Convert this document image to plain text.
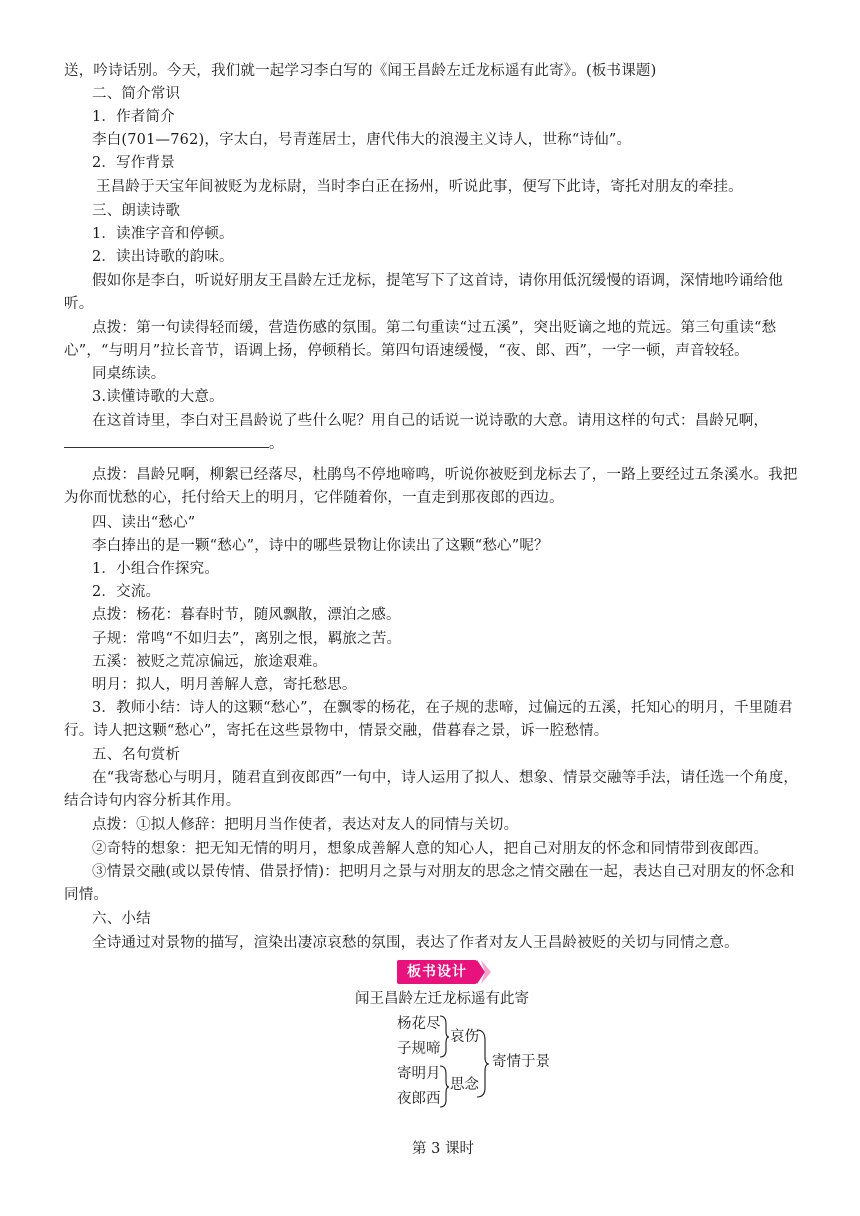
送，吟诗话别。今天，我们就一起学习李白写的《闻王昌龄左迁龙标遥有此寄》。(板书课题)
二、简介常识
1．作者简介
李白(701—762)，字太白，号青莲居士，唐代伟大的浪漫主义诗人，世称“诗仙”。
2．写作背景
王昌龄于天宝年间被贬为龙标尉，当时李白正在扬州，听说此事，便写下此诗，寄托对朋友的牵挂。
三、朗读诗歌
1．读准字音和停顿。
2．读出诗歌的韵味。
假如你是李白，听说好朋友王昌龄左迁龙标，提笔写下了这首诗，请你用低沉缓慢的语调，深情地吟诵给他听。
点拨：第一句读得轻而缓，营造伤感的氛围。第二句重读“过五溪”，突出贬谪之地的荒远。第三句重读“愁心”，“与明月”拉长音节，语调上扬，停顿稍长。第四句语速缓慢，“夜、郎、西”，一字一顿，声音较轻。
同桌练读。
3.读懂诗歌的大意。
在这首诗里，李白对王昌龄说了些什么呢？用自己的话说一说诗歌的大意。请用这样的句式：昌龄兄啊，
。
点拨：昌龄兄啊，柳絮已经落尽，杜鹃鸟不停地啼鸣，听说你被贬到龙标去了，一路上要经过五条溪水。我把为你而忧愁的心，托付给天上的明月，它伴随着你，一直走到那夜郎的西边。
四、读出“愁心”
李白捧出的是一颗“愁心”，诗中的哪些景物让你读出了这颗“愁心”呢？
1．小组合作探究。
2．交流。
点拨：杨花：暮春时节，随风飘散，漂泊之感。
子规：常鸣“不如归去”，离别之恨，羁旅之苦。
五溪：被贬之荒凉偏远，旅途艰难。
明月：拟人，明月善解人意，寄托愁思。
3．教师小结：诗人的这颗“愁心”，在飘零的杨花，在子规的悲啼，过偏远的五溪，托知心的明月，千里随君行。诗人把这颗“愁心”，寄托在这些景物中，情景交融，借暮春之景，诉一腔愁情。
五、名句赏析
在“我寄愁心与明月，随君直到夜郎西”一句中，诗人运用了拟人、想象、情景交融等手法，请任选一个角度，结合诗句内容分析其作用。
点拨：①拟人修辞：把明月当作使者，表达对友人的同情与关切。
②奇特的想象：把无知无情的明月，想象成善解人意的知心人，把自己对朋友的怀念和同情带到夜郎西。
③情景交融(或以景传情、借景抒情)：把明月之景与对朋友的思念之情交融在一起，表达自己对朋友的怀念和同情。
六、小结
全诗通过对景物的描写，渲染出凄凉哀愁的氛围，表达了作者对友人王昌龄被贬的关切与同情之意。
板书设计
闻王昌龄左迁龙标遥有此寄
杨花尽
子规啼
哀伤
寄明月
夜郎西
思念
寄情于景
第 3 课时
